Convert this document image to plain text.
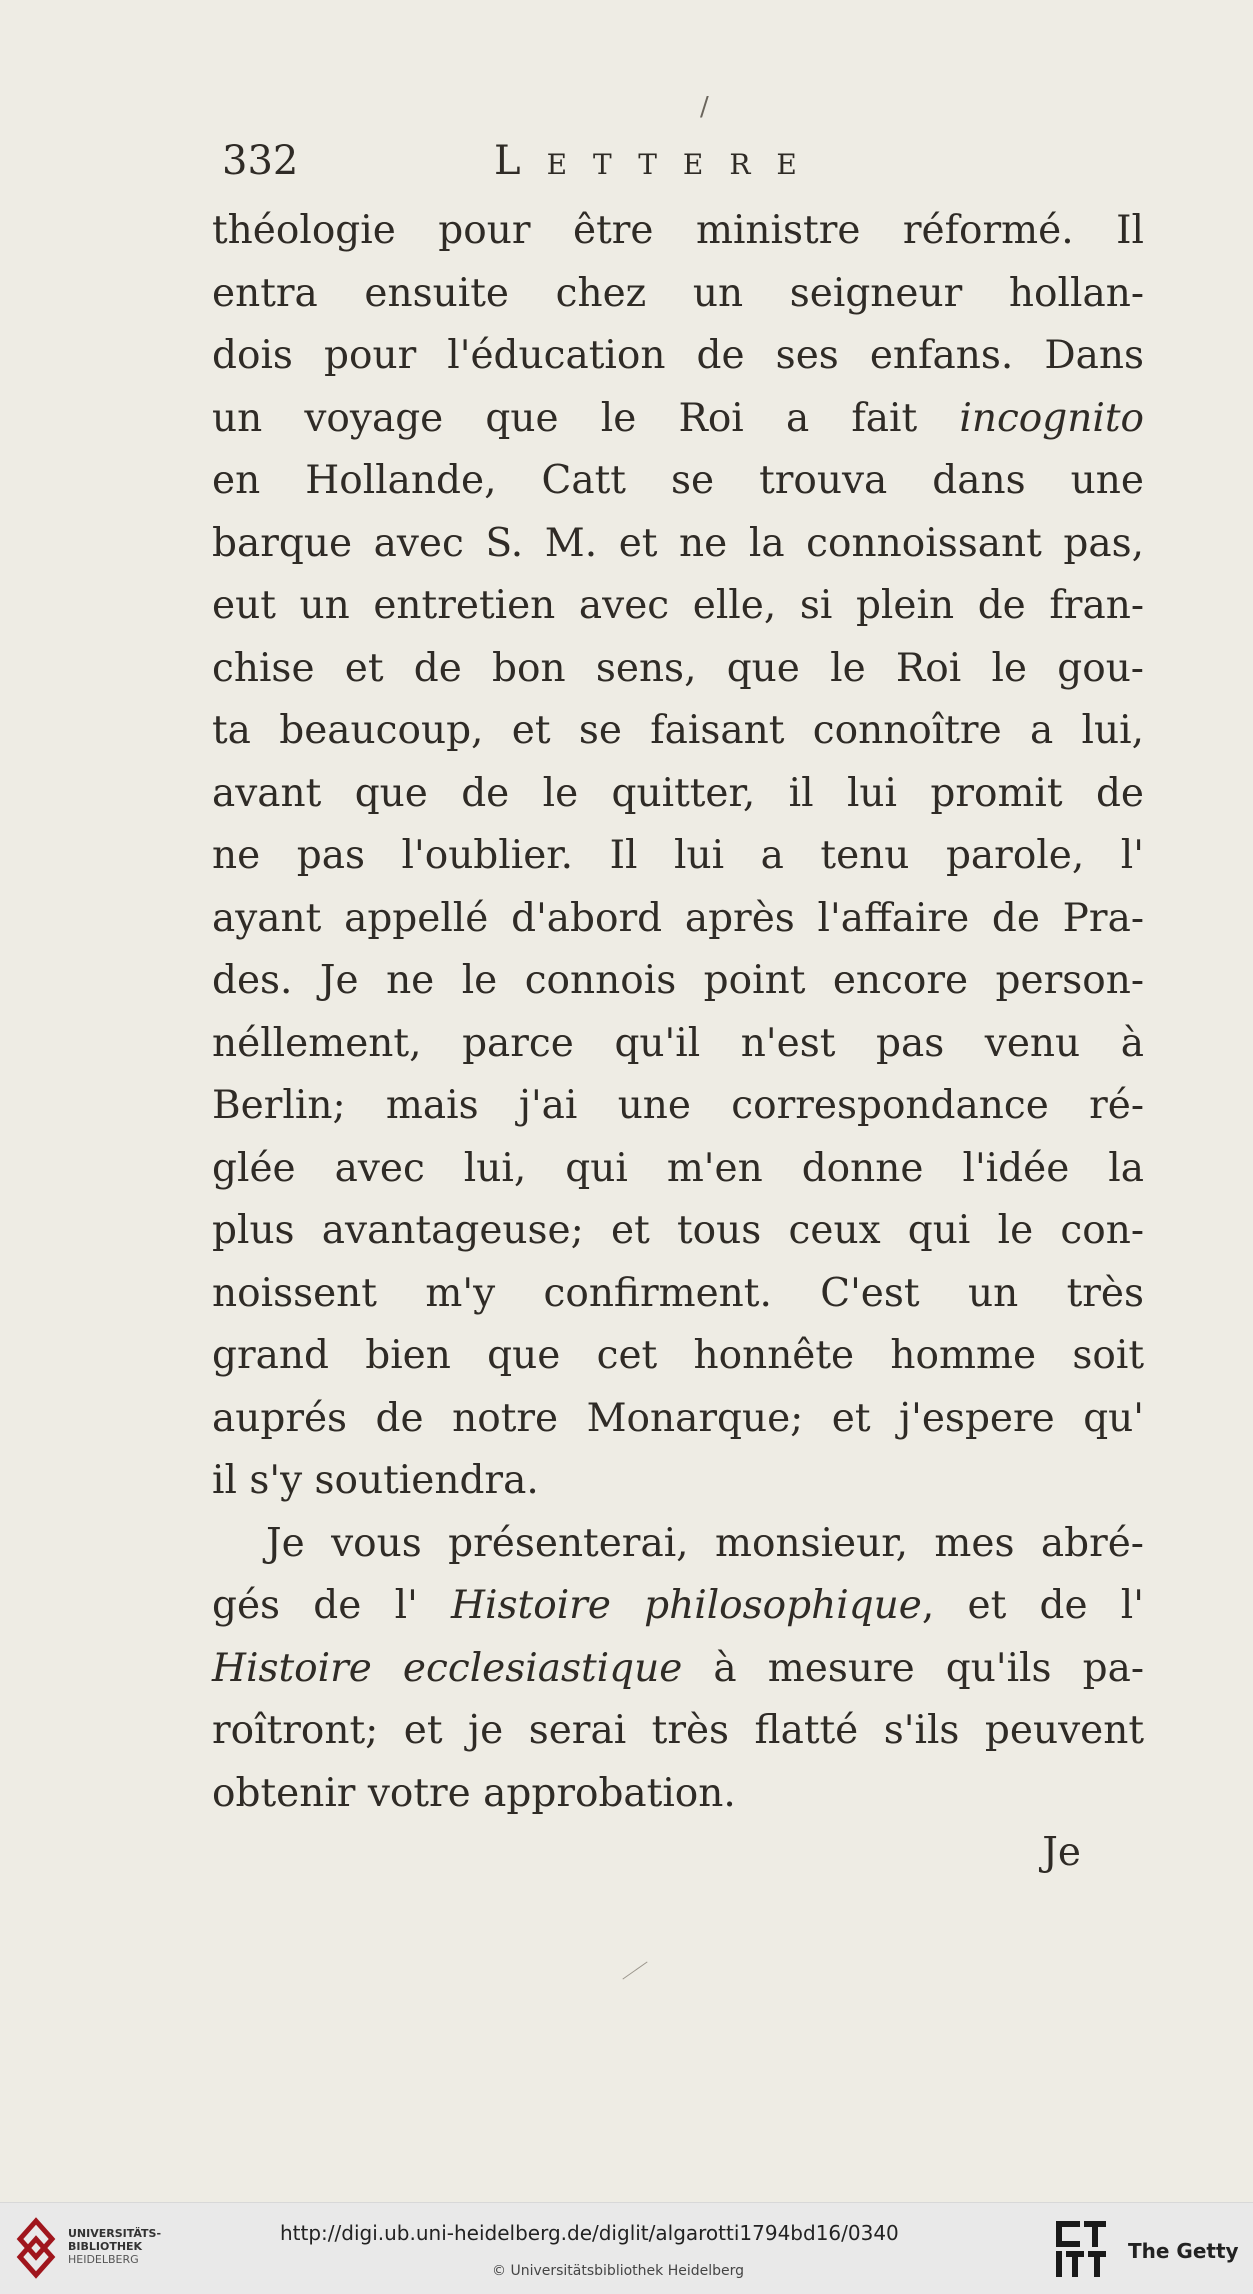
/
332	Lettere
théologie pour être ministre réformé. Il
entra ensuite chez un seigneur hollan-
dois pour l'éducation de ses enfans. Dans
un voyage que le Roi a fait incognito
en Hollande, Catt se trouva dans une
barque avec S. M. et ne la connoissant pas,
eut un entretien avec elle, si plein de fran-
chise et de bon sens, que le Roi le gou-
ta beaucoup, et se faisant connoître a lui,
avant que de le quitter, il lui promit de
ne pas l'oublier. Il lui a tenu parole, l'
ayant appellé d'abord après l'affaire de Pra-
des. Je ne le connois point encore person-
néllement, parce qu'il n'est pas venu à
Berlin; mais j'ai une correspondance ré-
glée avec lui, qui m'en donne l'idée la
plus avantageuse; et tous ceux qui le con-
noissent m'y confirment. C'est un très
grand bien que cet honnête homme soit
auprés de notre Monarque; et j'espere qu'
il s'y soutiendra.
Je vous présenterai, monsieur, mes abré-
gés de l' Histoire philosophique, et de l'
Histoire ecclesiastique à mesure qu'ils pa-
roîtront; et je serai très flatté s'ils peuvent
obtenir votre approbation.
Je
UNIVERSITÄTS-
BIBLIOTHEK
HEIDELBERG
http://digi.ub.uni-heidelberg.de/diglit/algarotti1794bd16/0340
© Universitätsbibliothek Heidelberg
The Getty
